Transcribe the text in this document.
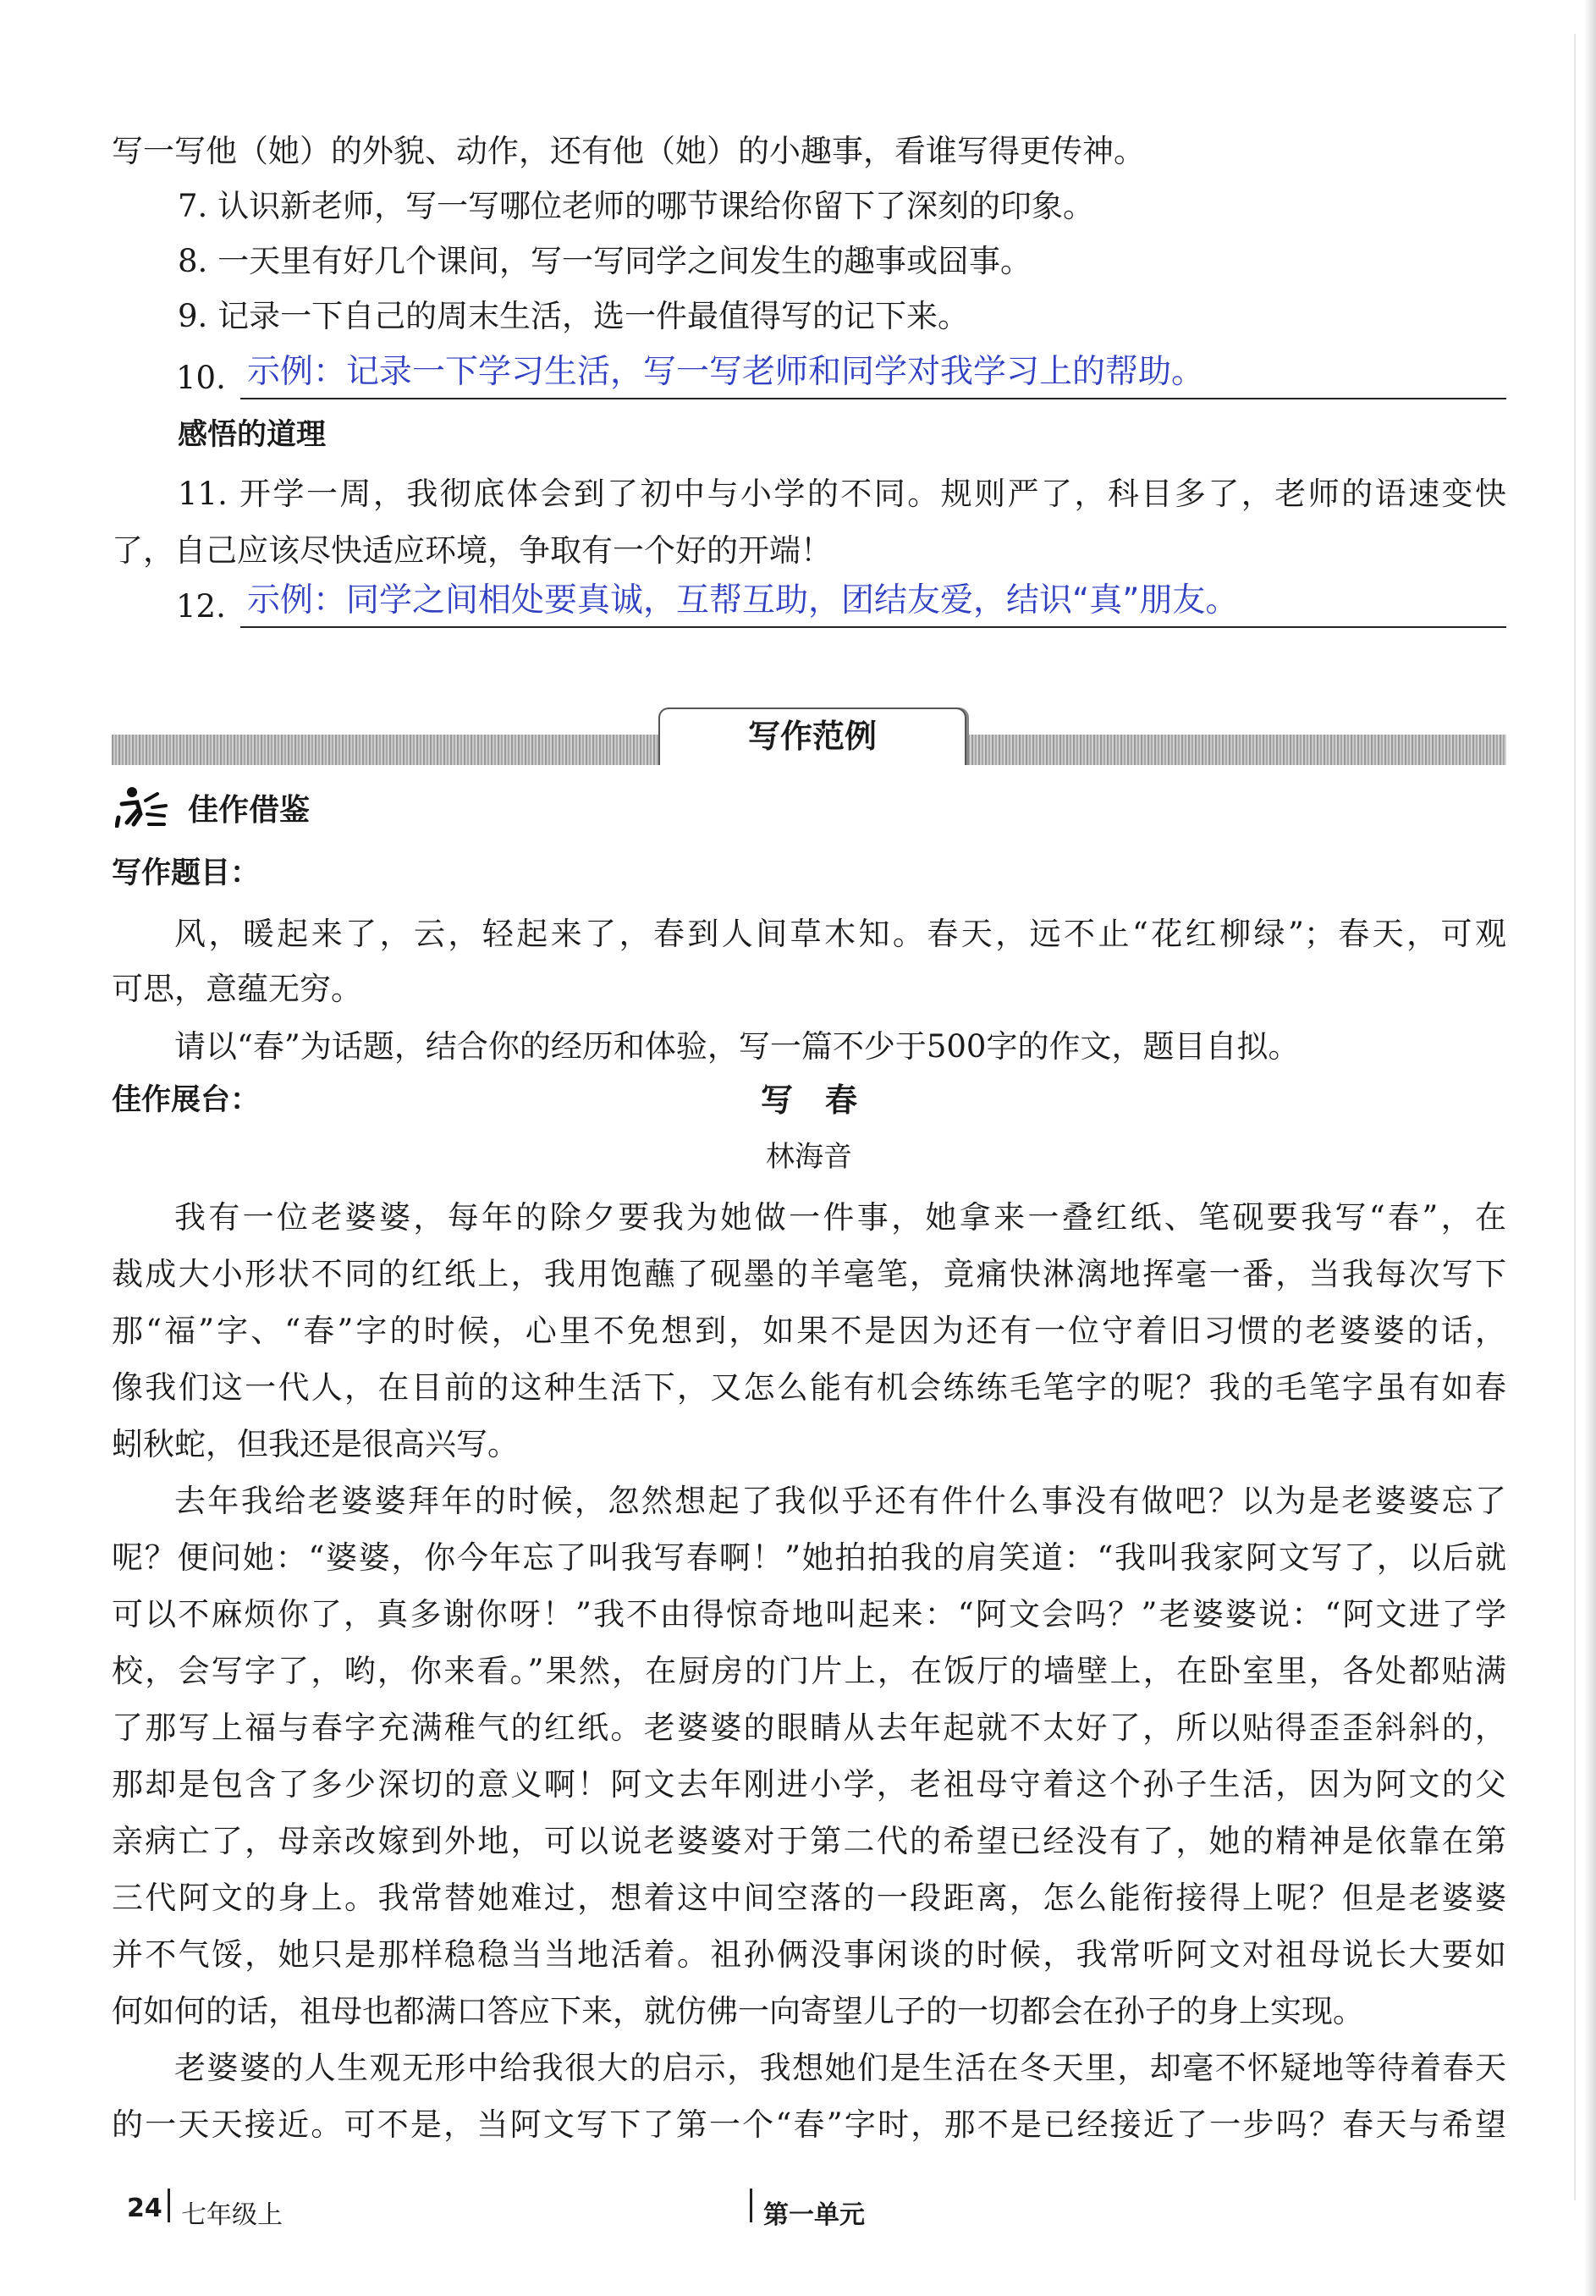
写一写他（她）的外貌、动作，还有他（她）的小趣事，看谁写得更传神。
7. 认识新老师，写一写哪位老师的哪节课给你留下了深刻的印象。
8. 一天里有好几个课间，写一写同学之间发生的趣事或囧事。
9. 记录一下自己的周末生活，选一件最值得写的记下来。
10. 示例：记录一下学习生活，写一写老师和同学对我学习上的帮助。
感悟的道理
11. 开学一周，我彻底体会到了初中与小学的不同。规则严了，科目多了，老师的语速变快
了，自己应该尽快适应环境，争取有一个好的开端！
12. 示例：同学之间相处要真诚，互帮互助，团结友爱，结识“真”朋友。
写作范例
佳作借鉴
写作题目：
风，暖起来了，云，轻起来了，春到人间草木知。春天，远不止“花红柳绿”；春天，可观
可思，意蕴无穷。
请以“春”为话题，结合你的经历和体验，写一篇不少于500字的作文，题目自拟。
佳作展台：	写　春
林海音
我有一位老婆婆，每年的除夕要我为她做一件事，她拿来一叠红纸、笔砚要我写“春”，在
裁成大小形状不同的红纸上，我用饱蘸了砚墨的羊毫笔，竟痛快淋漓地挥毫一番，当我每次写下
那“福”字、“春”字的时候，心里不免想到，如果不是因为还有一位守着旧习惯的老婆婆的话，
像我们这一代人，在目前的这种生活下，又怎么能有机会练练毛笔字的呢？我的毛笔字虽有如春
蚓秋蛇，但我还是很高兴写。
去年我给老婆婆拜年的时候，忽然想起了我似乎还有件什么事没有做吧？以为是老婆婆忘了
呢？便问她：“婆婆，你今年忘了叫我写春啊！”她拍拍我的肩笑道：“我叫我家阿文写了，以后就
可以不麻烦你了，真多谢你呀！”我不由得惊奇地叫起来：“阿文会吗？”老婆婆说：“阿文进了学
校，会写字了，哟，你来看。”果然，在厨房的门片上，在饭厅的墙壁上，在卧室里，各处都贴满
了那写上福与春字充满稚气的红纸。老婆婆的眼睛从去年起就不太好了，所以贴得歪歪斜斜的，
那却是包含了多少深切的意义啊！阿文去年刚进小学，老祖母守着这个孙子生活，因为阿文的父
亲病亡了，母亲改嫁到外地，可以说老婆婆对于第二代的希望已经没有了，她的精神是依靠在第
三代阿文的身上。我常替她难过，想着这中间空落的一段距离，怎么能衔接得上呢？但是老婆婆
并不气馁，她只是那样稳稳当当地活着。祖孙俩没事闲谈的时候，我常听阿文对祖母说长大要如
何如何的话，祖母也都满口答应下来，就仿佛一向寄望儿子的一切都会在孙子的身上实现。
老婆婆的人生观无形中给我很大的启示，我想她们是生活在冬天里，却毫不怀疑地等待着春天
的一天天接近。可不是，当阿文写下了第一个“春”字时，那不是已经接近了一步吗？春天与希望
24 七年级上	第一单元
